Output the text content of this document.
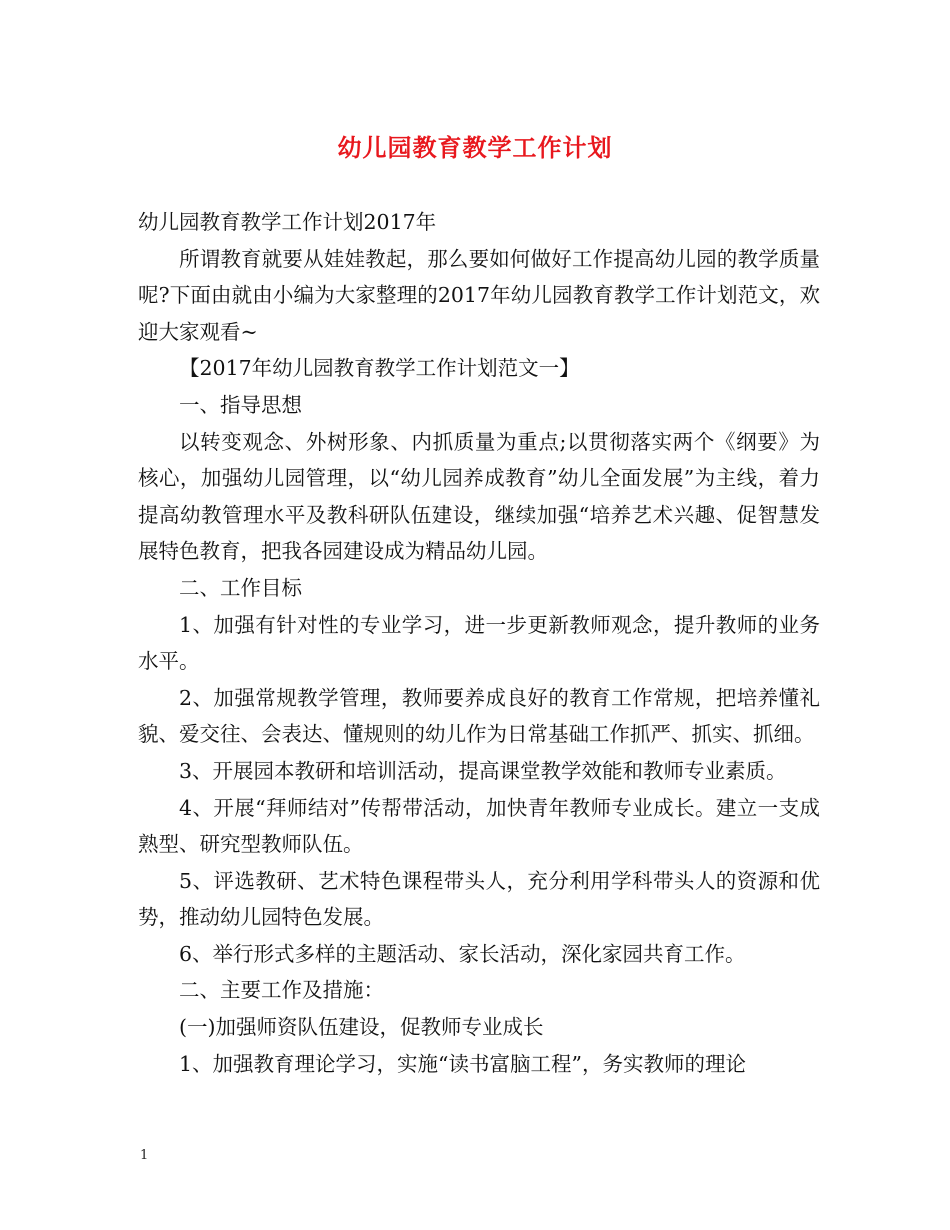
幼儿园教育教学工作计划

幼儿园教育教学工作计划2017年

所谓教育就要从娃娃教起，那么要如何做好工作提高幼儿园的教学质量呢?下面由就由小编为大家整理的2017年幼儿园教育教学工作计划范文，欢迎大家观看~

【2017年幼儿园教育教学工作计划范文一】

一、指导思想

以转变观念、外树形象、内抓质量为重点;以贯彻落实两个《纲要》为核心，加强幼儿园管理，以“幼儿园养成教育”幼儿全面发展”为主线，着力提高幼教管理水平及教科研队伍建设，继续加强“培养艺术兴趣、促智慧发展特色教育，把我各园建设成为精品幼儿园。

二、工作目标

1、加强有针对性的专业学习，进一步更新教师观念，提升教师的业务水平。

2、加强常规教学管理，教师要养成良好的教育工作常规，把培养懂礼貌、爱交往、会表达、懂规则的幼儿作为日常基础工作抓严、抓实、抓细。

3、开展园本教研和培训活动，提高课堂教学效能和教师专业素质。

4、开展“拜师结对”传帮带活动，加快青年教师专业成长。建立一支成熟型、研究型教师队伍。

5、评选教研、艺术特色课程带头人，充分利用学科带头人的资源和优势，推动幼儿园特色发展。

6、举行形式多样的主题活动、家长活动，深化家园共育工作。

二、主要工作及措施：

(一)加强师资队伍建设，促教师专业成长

1、加强教育理论学习，实施“读书富脑工程”，务实教师的理论

1
